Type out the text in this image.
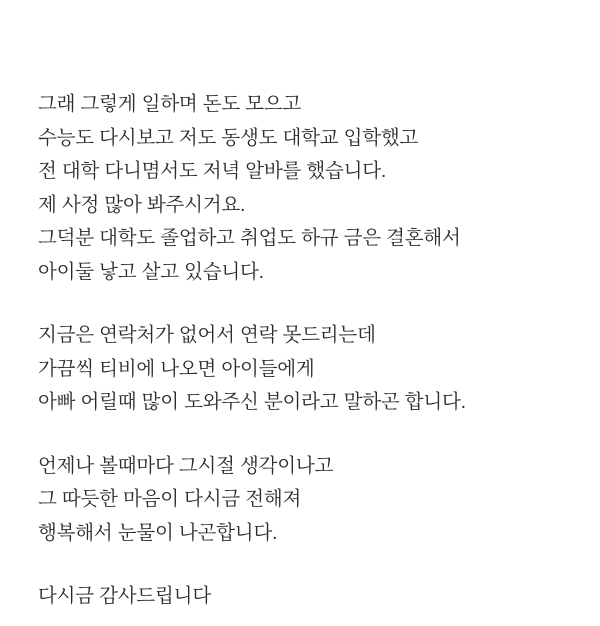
그래 그렇게 일하며 돈도 모으고
수능도 다시보고 저도 동생도 대학교 입학했고
전 대학 다니몀서도 저녁 알바를 했습니다.
제 사정 많아 봐주시거요.
그덕분 대학도 졸업하고 취업도 하규 금은 결혼해서
아이둘 낳고 살고 있습니다.

지금은 연락처가 없어서 연락 못드리는데
가끔씩 티비에 나오면 아이들에게
아빠 어릴때 많이 도와주신 분이라고 말하곤 합니다.

언제나 볼때마다 그시절 생각이나고
그 따듯한 마음이 다시금 전해져
행복해서 눈물이 나곤합니다.

다시금 감사드립니다
